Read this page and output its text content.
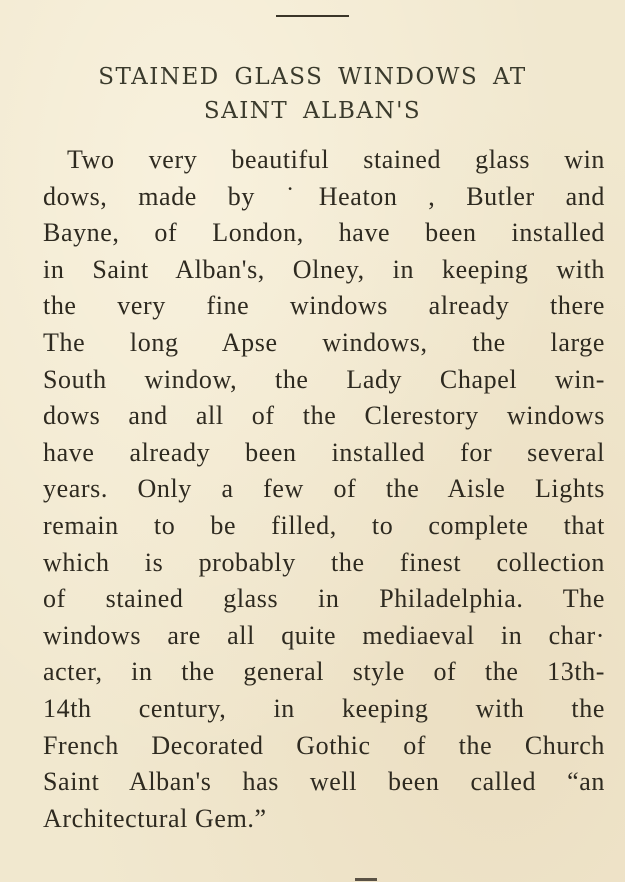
STAINED GLASS WINDOWS AT
SAINT ALBAN'S
Two very beautiful stained glass win
dows, made by ˙Heaton , Butler and
Bayne, of London, have been installed
in Saint Alban's, Olney, in keeping with
the very fine windows already there
The long Apse windows, the large
South window, the Lady Chapel win-
dows and all of the Clerestory windows
have already been installed for several
years. Only a few of the Aisle Lights
remain to be filled, to complete that
which is probably the finest collection
of stained glass in Philadelphia. The
windows are all quite mediaeval in char·
acter, in the general style of the 13th-
14th century, in keeping with the
French Decorated Gothic of the Church
Saint Alban's has well been called “an
Architectural Gem.”
